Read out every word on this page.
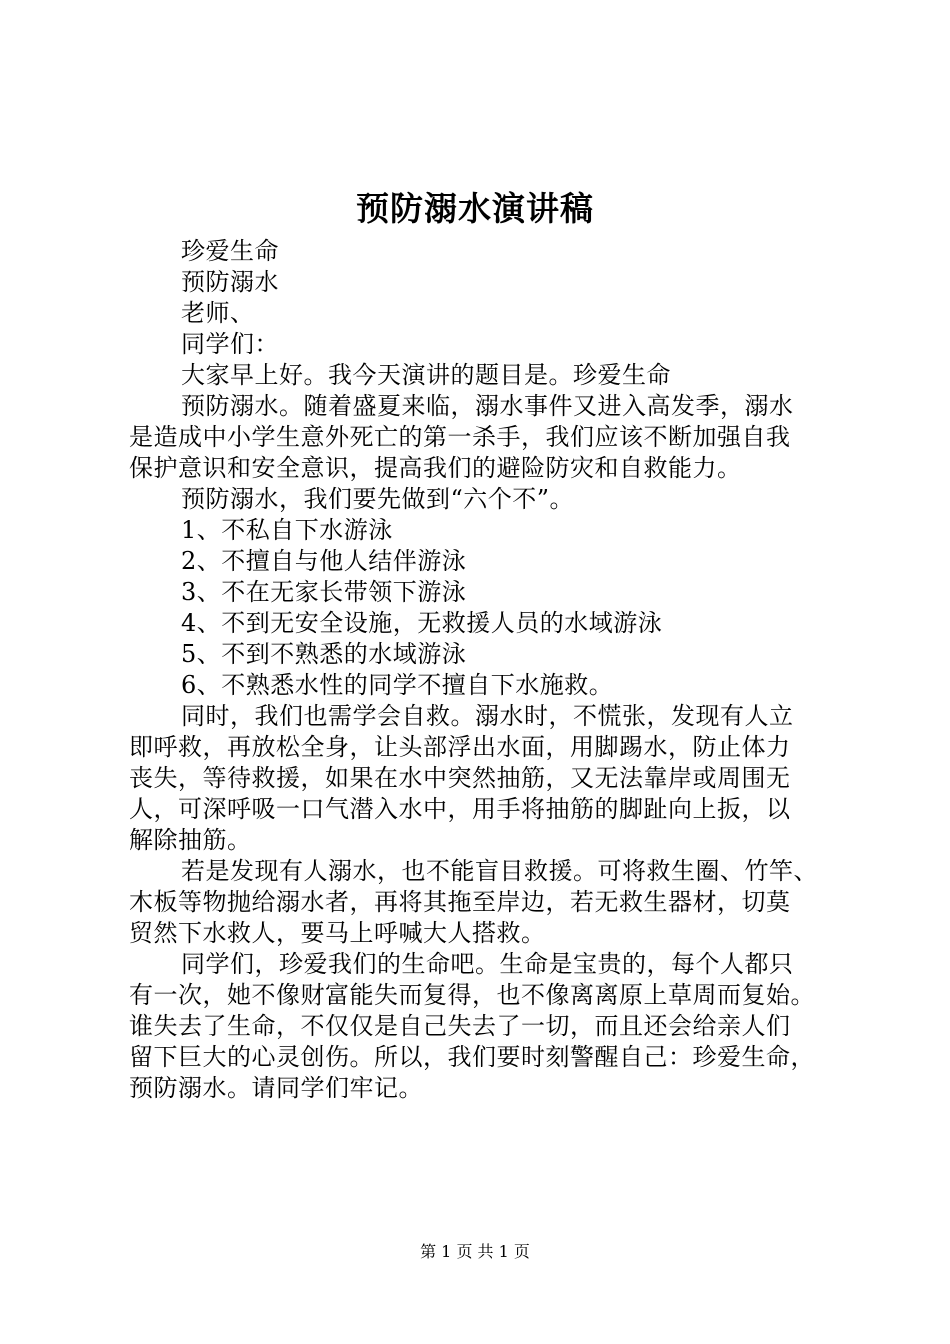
预防溺水演讲稿
珍爱生命
预防溺水
老师、
同学们：
大家早上好。我今天演讲的题目是。珍爱生命
预防溺水。随着盛夏来临，溺水事件又进入高发季，溺水
是造成中小学生意外死亡的第一杀手，我们应该不断加强自我
保护意识和安全意识，提高我们的避险防灾和自救能力。
预防溺水，我们要先做到“六个不”。
1、不私自下水游泳
2、不擅自与他人结伴游泳
3、不在无家长带领下游泳
4、不到无安全设施，无救援人员的水域游泳
5、不到不熟悉的水域游泳
6、不熟悉水性的同学不擅自下水施救。
同时，我们也需学会自救。溺水时，不慌张，发现有人立
即呼救，再放松全身，让头部浮出水面，用脚踢水，防止体力
丧失，等待救援，如果在水中突然抽筋，又无法靠岸或周围无
人，可深呼吸一口气潜入水中，用手将抽筋的脚趾向上扳，以
解除抽筋。
若是发现有人溺水，也不能盲目救援。可将救生圈、竹竿、
木板等物抛给溺水者，再将其拖至岸边，若无救生器材，切莫
贸然下水救人，要马上呼喊大人搭救。
同学们，珍爱我们的生命吧。生命是宝贵的，每个人都只
有一次，她不像财富能失而复得，也不像离离原上草周而复始。
谁失去了生命，不仅仅是自己失去了一切，而且还会给亲人们
留下巨大的心灵创伤。所以，我们要时刻警醒自己：珍爱生命，
预防溺水。请同学们牢记。
第 1 页 共 1 页
